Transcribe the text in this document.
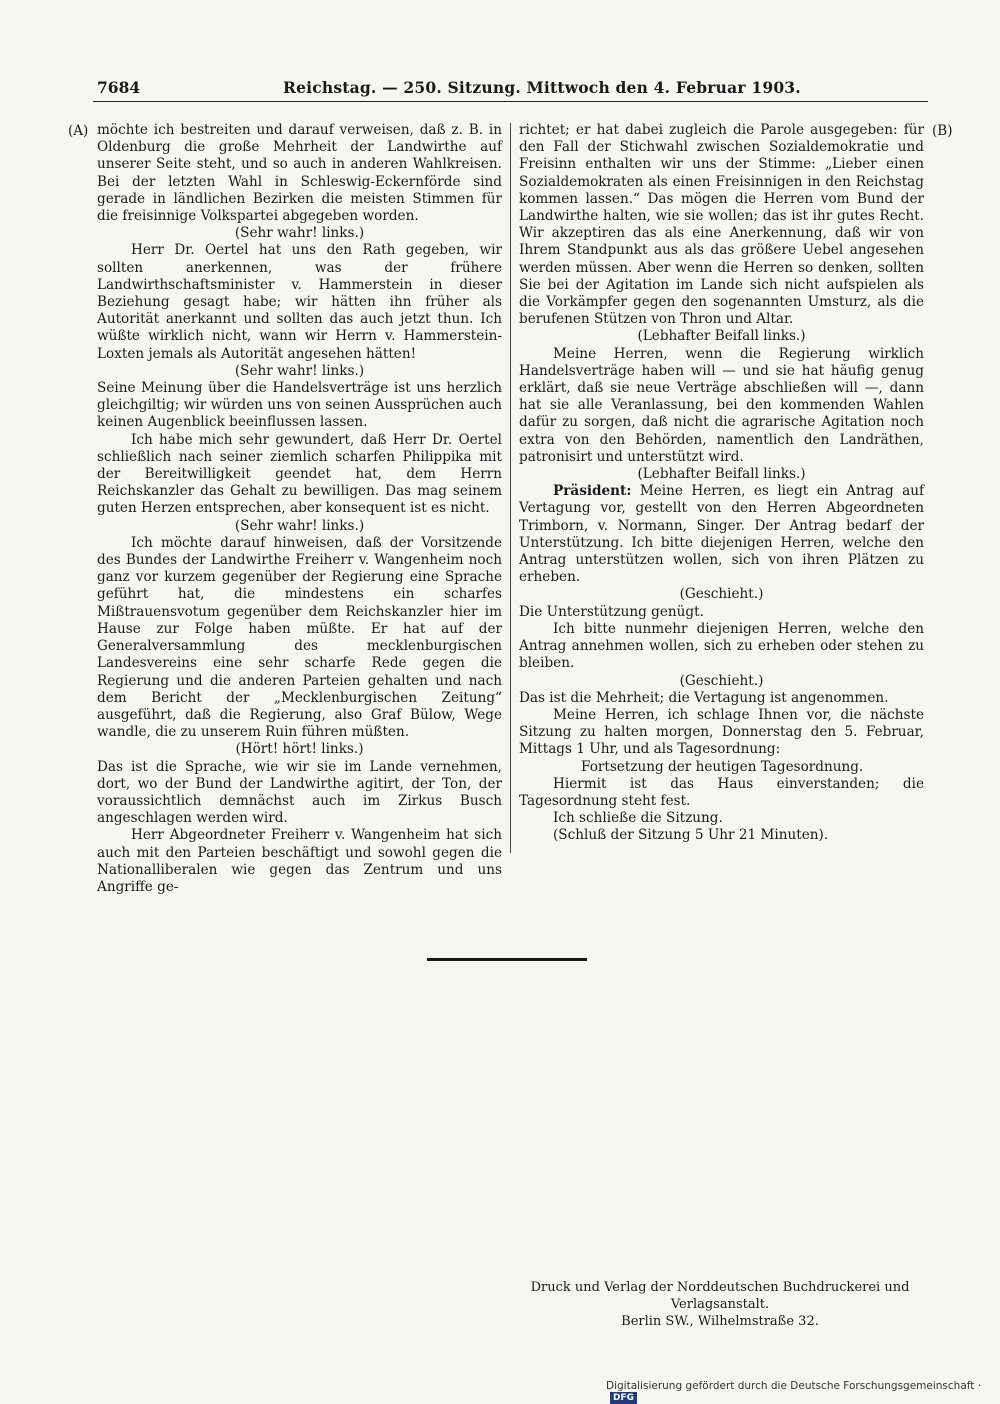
7684	Reichstag. — 250. Sitzung. Mittwoch den 4. Februar 1903.
(A)	(B)

möchte ich bestreiten und darauf verweisen, daß z. B. in Oldenburg die große Mehrheit der Landwirthe auf unserer Seite steht, und so auch in anderen Wahlkreisen. Bei der letzten Wahl in Schleswig-Eckernförde sind gerade in ländlichen Bezirken die meisten Stimmen für die freisinnige Volkspartei abgegeben worden.

(Sehr wahr! links.)

Herr Dr. Oertel hat uns den Rath gegeben, wir sollten anerkennen, was der frühere Landwirthschaftsminister v. Hammerstein in dieser Beziehung gesagt habe; wir hätten ihn früher als Autorität anerkannt und sollten das auch jetzt thun. Ich wüßte wirklich nicht, wann wir Herrn v. Hammerstein-Loxten jemals als Autorität angesehen hätten!

(Sehr wahr! links.)

Seine Meinung über die Handelsverträge ist uns herzlich gleichgiltig; wir würden uns von seinen Aussprüchen auch keinen Augenblick beeinflussen lassen.

Ich habe mich sehr gewundert, daß Herr Dr. Oertel schließlich nach seiner ziemlich scharfen Philippika mit der Bereitwilligkeit geendet hat, dem Herrn Reichskanzler das Gehalt zu bewilligen. Das mag seinem guten Herzen entsprechen, aber konsequent ist es nicht.

(Sehr wahr! links.)

Ich möchte darauf hinweisen, daß der Vorsitzende des Bundes der Landwirthe Freiherr v. Wangenheim noch ganz vor kurzem gegenüber der Regierung eine Sprache geführt hat, die mindestens ein scharfes Mißtrauensvotum gegenüber dem Reichskanzler hier im Hause zur Folge haben müßte. Er hat auf der Generalversammlung des mecklenburgischen Landesvereins eine sehr scharfe Rede gegen die Regierung und die anderen Parteien gehalten und nach dem Bericht der „Mecklenburgischen Zeitung“ ausgeführt, daß die Regierung, also Graf Bülow, Wege wandle, die zu unserem Ruin führen müßten.

(Hört! hört! links.)

Das ist die Sprache, wie wir sie im Lande vernehmen, dort, wo der Bund der Landwirthe agitirt, der Ton, der voraussichtlich demnächst auch im Zirkus Busch angeschlagen werden wird.

Herr Abgeordneter Freiherr v. Wangenheim hat sich auch mit den Parteien beschäftigt und sowohl gegen die Nationalliberalen wie gegen das Zentrum und uns Angriffe ge-

richtet; er hat dabei zugleich die Parole ausgegeben: für den Fall der Stichwahl zwischen Sozialdemokratie und Freisinn enthalten wir uns der Stimme: „Lieber einen Sozialdemokraten als einen Freisinnigen in den Reichstag kommen lassen.“ Das mögen die Herren vom Bund der Landwirthe halten, wie sie wollen; das ist ihr gutes Recht. Wir akzeptiren das als eine Anerkennung, daß wir von Ihrem Standpunkt aus als das größere Uebel angesehen werden müssen. Aber wenn die Herren so denken, sollten Sie bei der Agitation im Lande sich nicht aufspielen als die Vorkämpfer gegen den sogenannten Umsturz, als die berufenen Stützen von Thron und Altar.

(Lebhafter Beifall links.)

Meine Herren, wenn die Regierung wirklich Handelsverträge haben will — und sie hat häufig genug erklärt, daß sie neue Verträge abschließen will —, dann hat sie alle Veranlassung, bei den kommenden Wahlen dafür zu sorgen, daß nicht die agrarische Agitation noch extra von den Behörden, namentlich den Landräthen, patronisirt und unterstützt wird.

(Lebhafter Beifall links.)

Präsident: Meine Herren, es liegt ein Antrag auf Vertagung vor, gestellt von den Herren Abgeordneten Trimborn, v. Normann, Singer. Der Antrag bedarf der Unterstützung. Ich bitte diejenigen Herren, welche den Antrag unterstützen wollen, sich von ihren Plätzen zu erheben.

(Geschieht.)

Die Unterstützung genügt.

Ich bitte nunmehr diejenigen Herren, welche den Antrag annehmen wollen, sich zu erheben oder stehen zu bleiben.

(Geschieht.)

Das ist die Mehrheit; die Vertagung ist angenommen.

Meine Herren, ich schlage Ihnen vor, die nächste Sitzung zu halten morgen, Donnerstag den 5. Februar, Mittags 1 Uhr, und als Tagesordnung:

Fortsetzung der heutigen Tagesordnung.

Hiermit ist das Haus einverstanden; die Tagesordnung steht fest.

Ich schließe die Sitzung.

(Schluß der Sitzung 5 Uhr 21 Minuten).

Druck und Verlag der Norddeutschen Buchdruckerei und Verlagsanstalt.
Berlin SW., Wilhelmstraße 32.
Digitalisierung gefördert durch die Deutsche Forschungsgemeinschaft ·DFG
